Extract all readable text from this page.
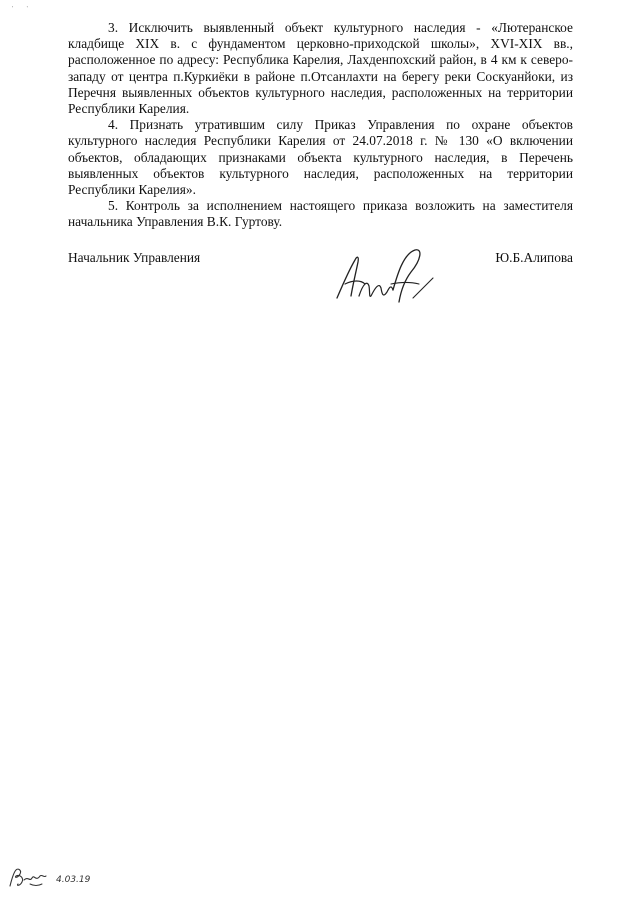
' '

3. Исключить выявленный объект культурного наследия - «Лютеранское кладбище XIX в. с фундаментом церковно-приходской школы», XVI-XIX вв., расположенное по адресу: Республика Карелия, Лахденпохский район, в 4 км к северо-западу от центра п.Куркиёки в районе п.Отсанлахти на берегу реки Соскуанйоки, из Перечня выявленных объектов культурного наследия, расположенных на территории Республики Карелия.

4. Признать утратившим силу Приказ Управления по охране объектов культурного наследия Республики Карелия от 24.07.2018 г. № 130 «О включении объектов, обладающих признаками объекта культурного наследия, в Перечень выявленных объектов культурного наследия, расположенных на территории Республики Карелия».

5. Контроль за исполнением настоящего приказа возложить на заместителя начальника Управления В.К. Гуртову.

Начальник Управления	Ю.Б.Алипова
4.03.19
